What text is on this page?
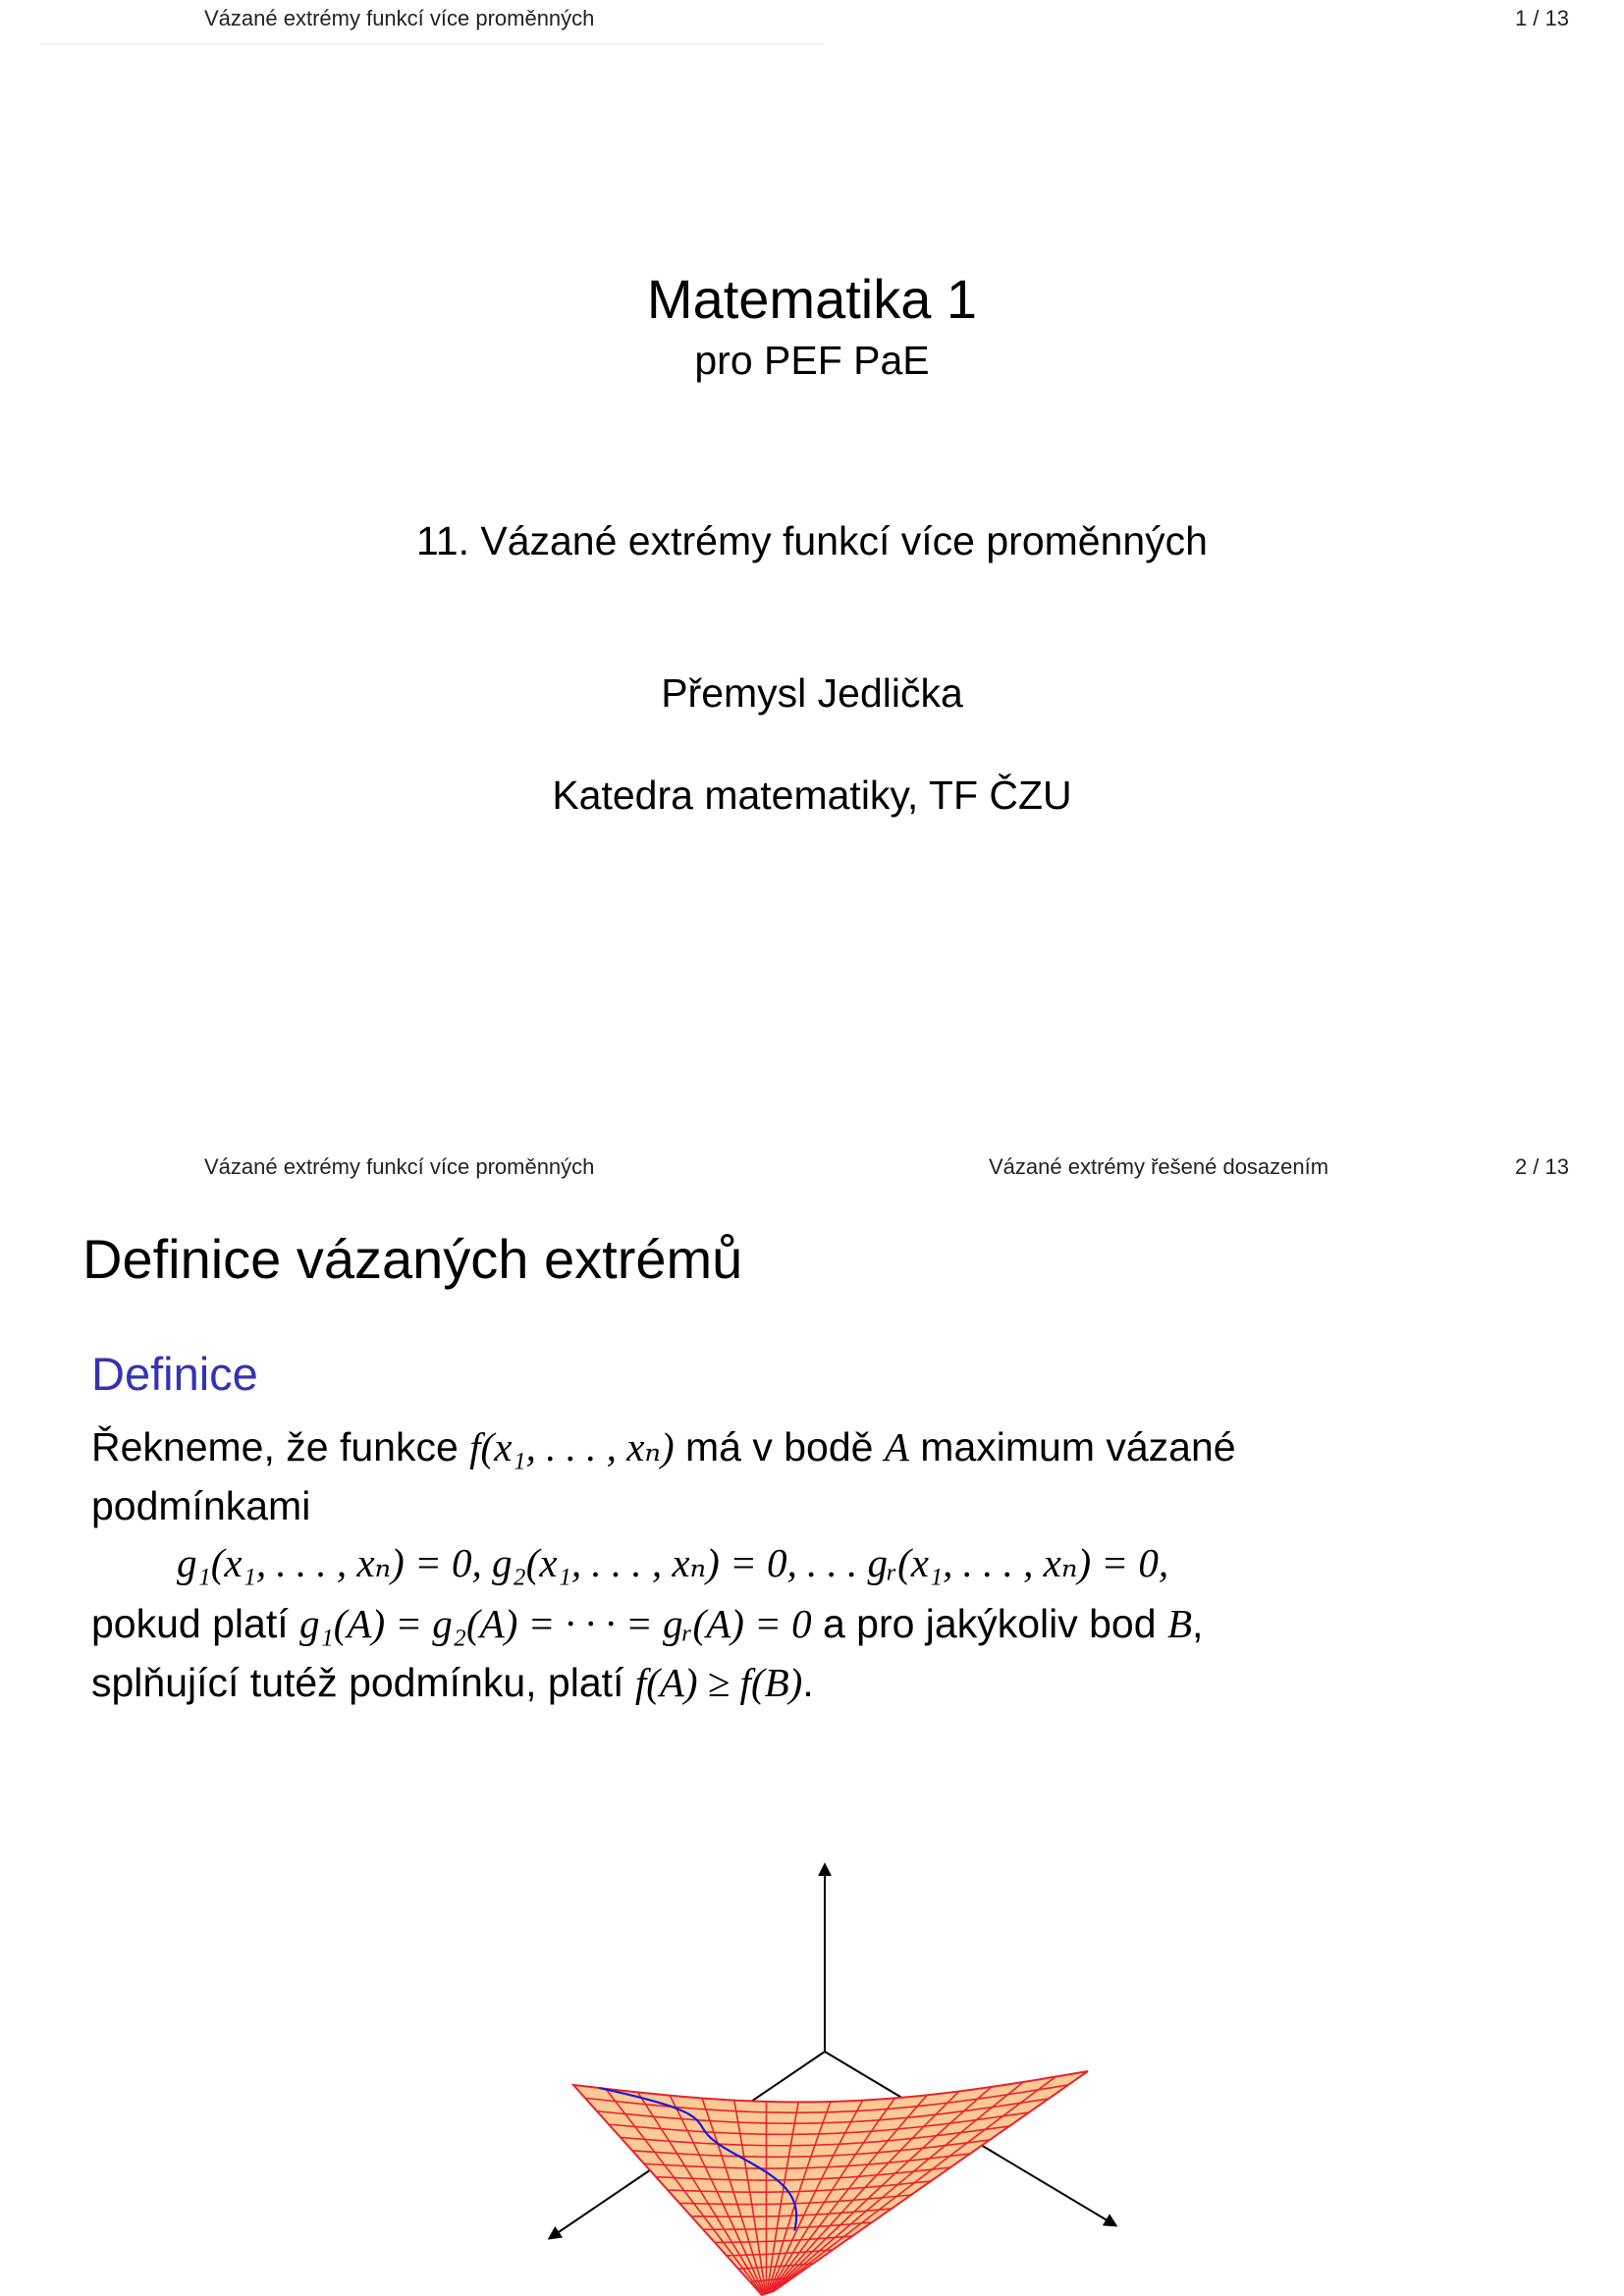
Vázané extrémy funkcí více proměnných	1 / 13
Matematika 1
pro PEF PaE
11. Vázané extrémy funkcí více proměnných
Přemysl Jedlička
Katedra matematiky, TF ČZU
Vázané extrémy funkcí více proměnných	Vázané extrémy řešené dosazením	2 / 13
Definice vázaných extrémů
Definice
Řekneme, že funkce f(x₁, . . . , xₙ) má v bodě A maximum vázané
podmínkami
g₁(x₁, . . . , xₙ) = 0, g₂(x₁, . . . , xₙ) = 0, . . . gᵣ(x₁, . . . , xₙ) = 0,
pokud platí g₁(A) = g₂(A) = · · · = gᵣ(A) = 0 a pro jakýkoliv bod B,
splňující tutéž podmínku, platí f(A) ≥ f(B).
